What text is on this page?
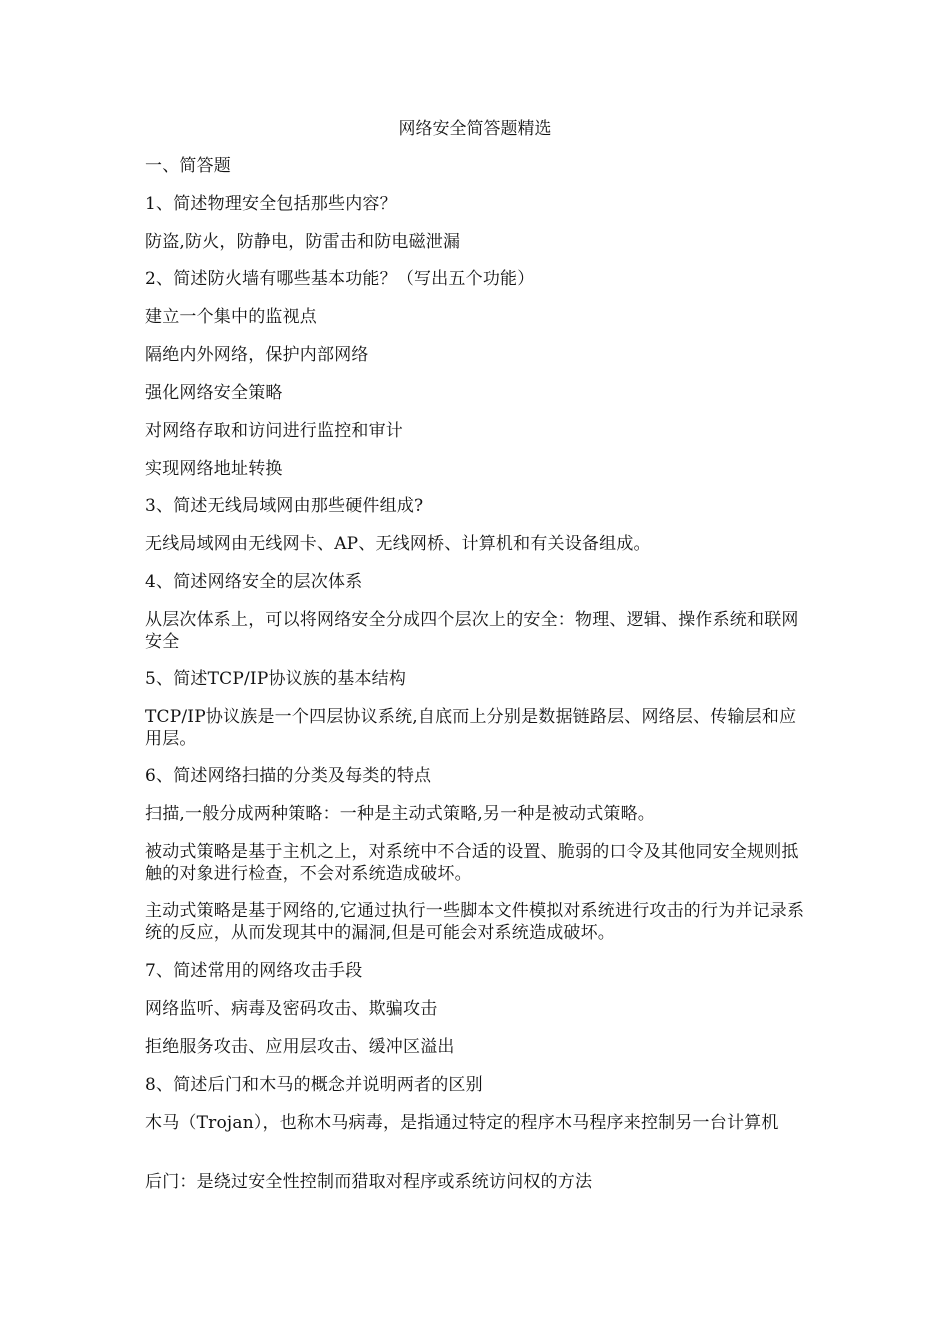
网络安全简答题精选

一、简答题

1、简述物理安全包括那些内容？

防盗,防火，防静电，防雷击和防电磁泄漏

2、简述防火墙有哪些基本功能？（写出五个功能）

建立一个集中的监视点

隔绝内外网络，保护内部网络

强化网络安全策略

对网络存取和访问进行监控和审计

实现网络地址转换

3、简述无线局域网由那些硬件组成?

无线局域网由无线网卡、AP、无线网桥、计算机和有关设备组成。

4、简述网络安全的层次体系

从层次体系上，可以将网络安全分成四个层次上的安全：物理、逻辑、操作系统和联网安全

5、简述TCP/IP协议族的基本结构

TCP/IP协议族是一个四层协议系统,自底而上分别是数据链路层、网络层、传输层和应用层。

6、简述网络扫描的分类及每类的特点

扫描,一般分成两种策略：一种是主动式策略,另一种是被动式策略。

被动式策略是基于主机之上，对系统中不合适的设置、脆弱的口令及其他同安全规则抵触的对象进行检查，不会对系统造成破坏。

主动式策略是基于网络的,它通过执行一些脚本文件模拟对系统进行攻击的行为并记录系统的反应，从而发现其中的漏洞,但是可能会对系统造成破坏。

7、简述常用的网络攻击手段

网络监听、病毒及密码攻击、欺骗攻击

拒绝服务攻击、应用层攻击、缓冲区溢出

8、简述后门和木马的概念并说明两者的区别

木马（Trojan），也称木马病毒，是指通过特定的程序木马程序来控制另一台计算机

后门：是绕过安全性控制而猎取对程序或系统访问权的方法
